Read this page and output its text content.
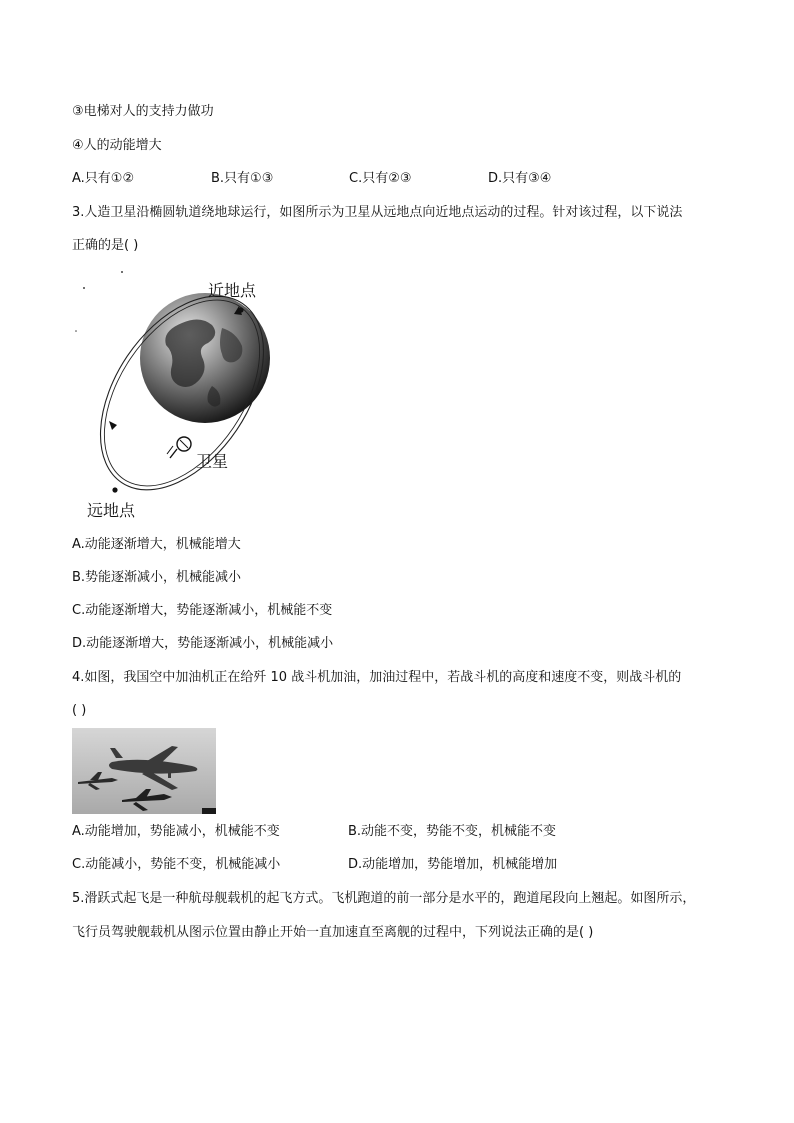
③电梯对人的支持力做功
④人的动能增大
A.只有①②	B.只有①③	C.只有②③	D.只有③④
3.人造卫星沿椭圆轨道绕地球运行，如图所示为卫星从远地点向近地点运动的过程。针对该过程，以下说法
正确的是( )
近地点
卫星
远地点
A.动能逐渐增大，机械能增大
B.势能逐渐减小，机械能减小
C.动能逐渐增大，势能逐渐减小，机械能不变
D.动能逐渐增大，势能逐渐减小，机械能减小
4.如图，我国空中加油机正在给歼 10 战斗机加油，加油过程中，若战斗机的高度和速度不变，则战斗机的
( )
A.动能增加，势能减小，机械能不变	B.动能不变，势能不变，机械能不变
C.动能减小，势能不变，机械能减小	D.动能增加，势能增加，机械能增加
5.滑跃式起飞是一种航母舰载机的起飞方式。飞机跑道的前一部分是水平的，跑道尾段向上翘起。如图所示，
飞行员驾驶舰载机从图示位置由静止开始一直加速直至离舰的过程中，下列说法正确的是( )
